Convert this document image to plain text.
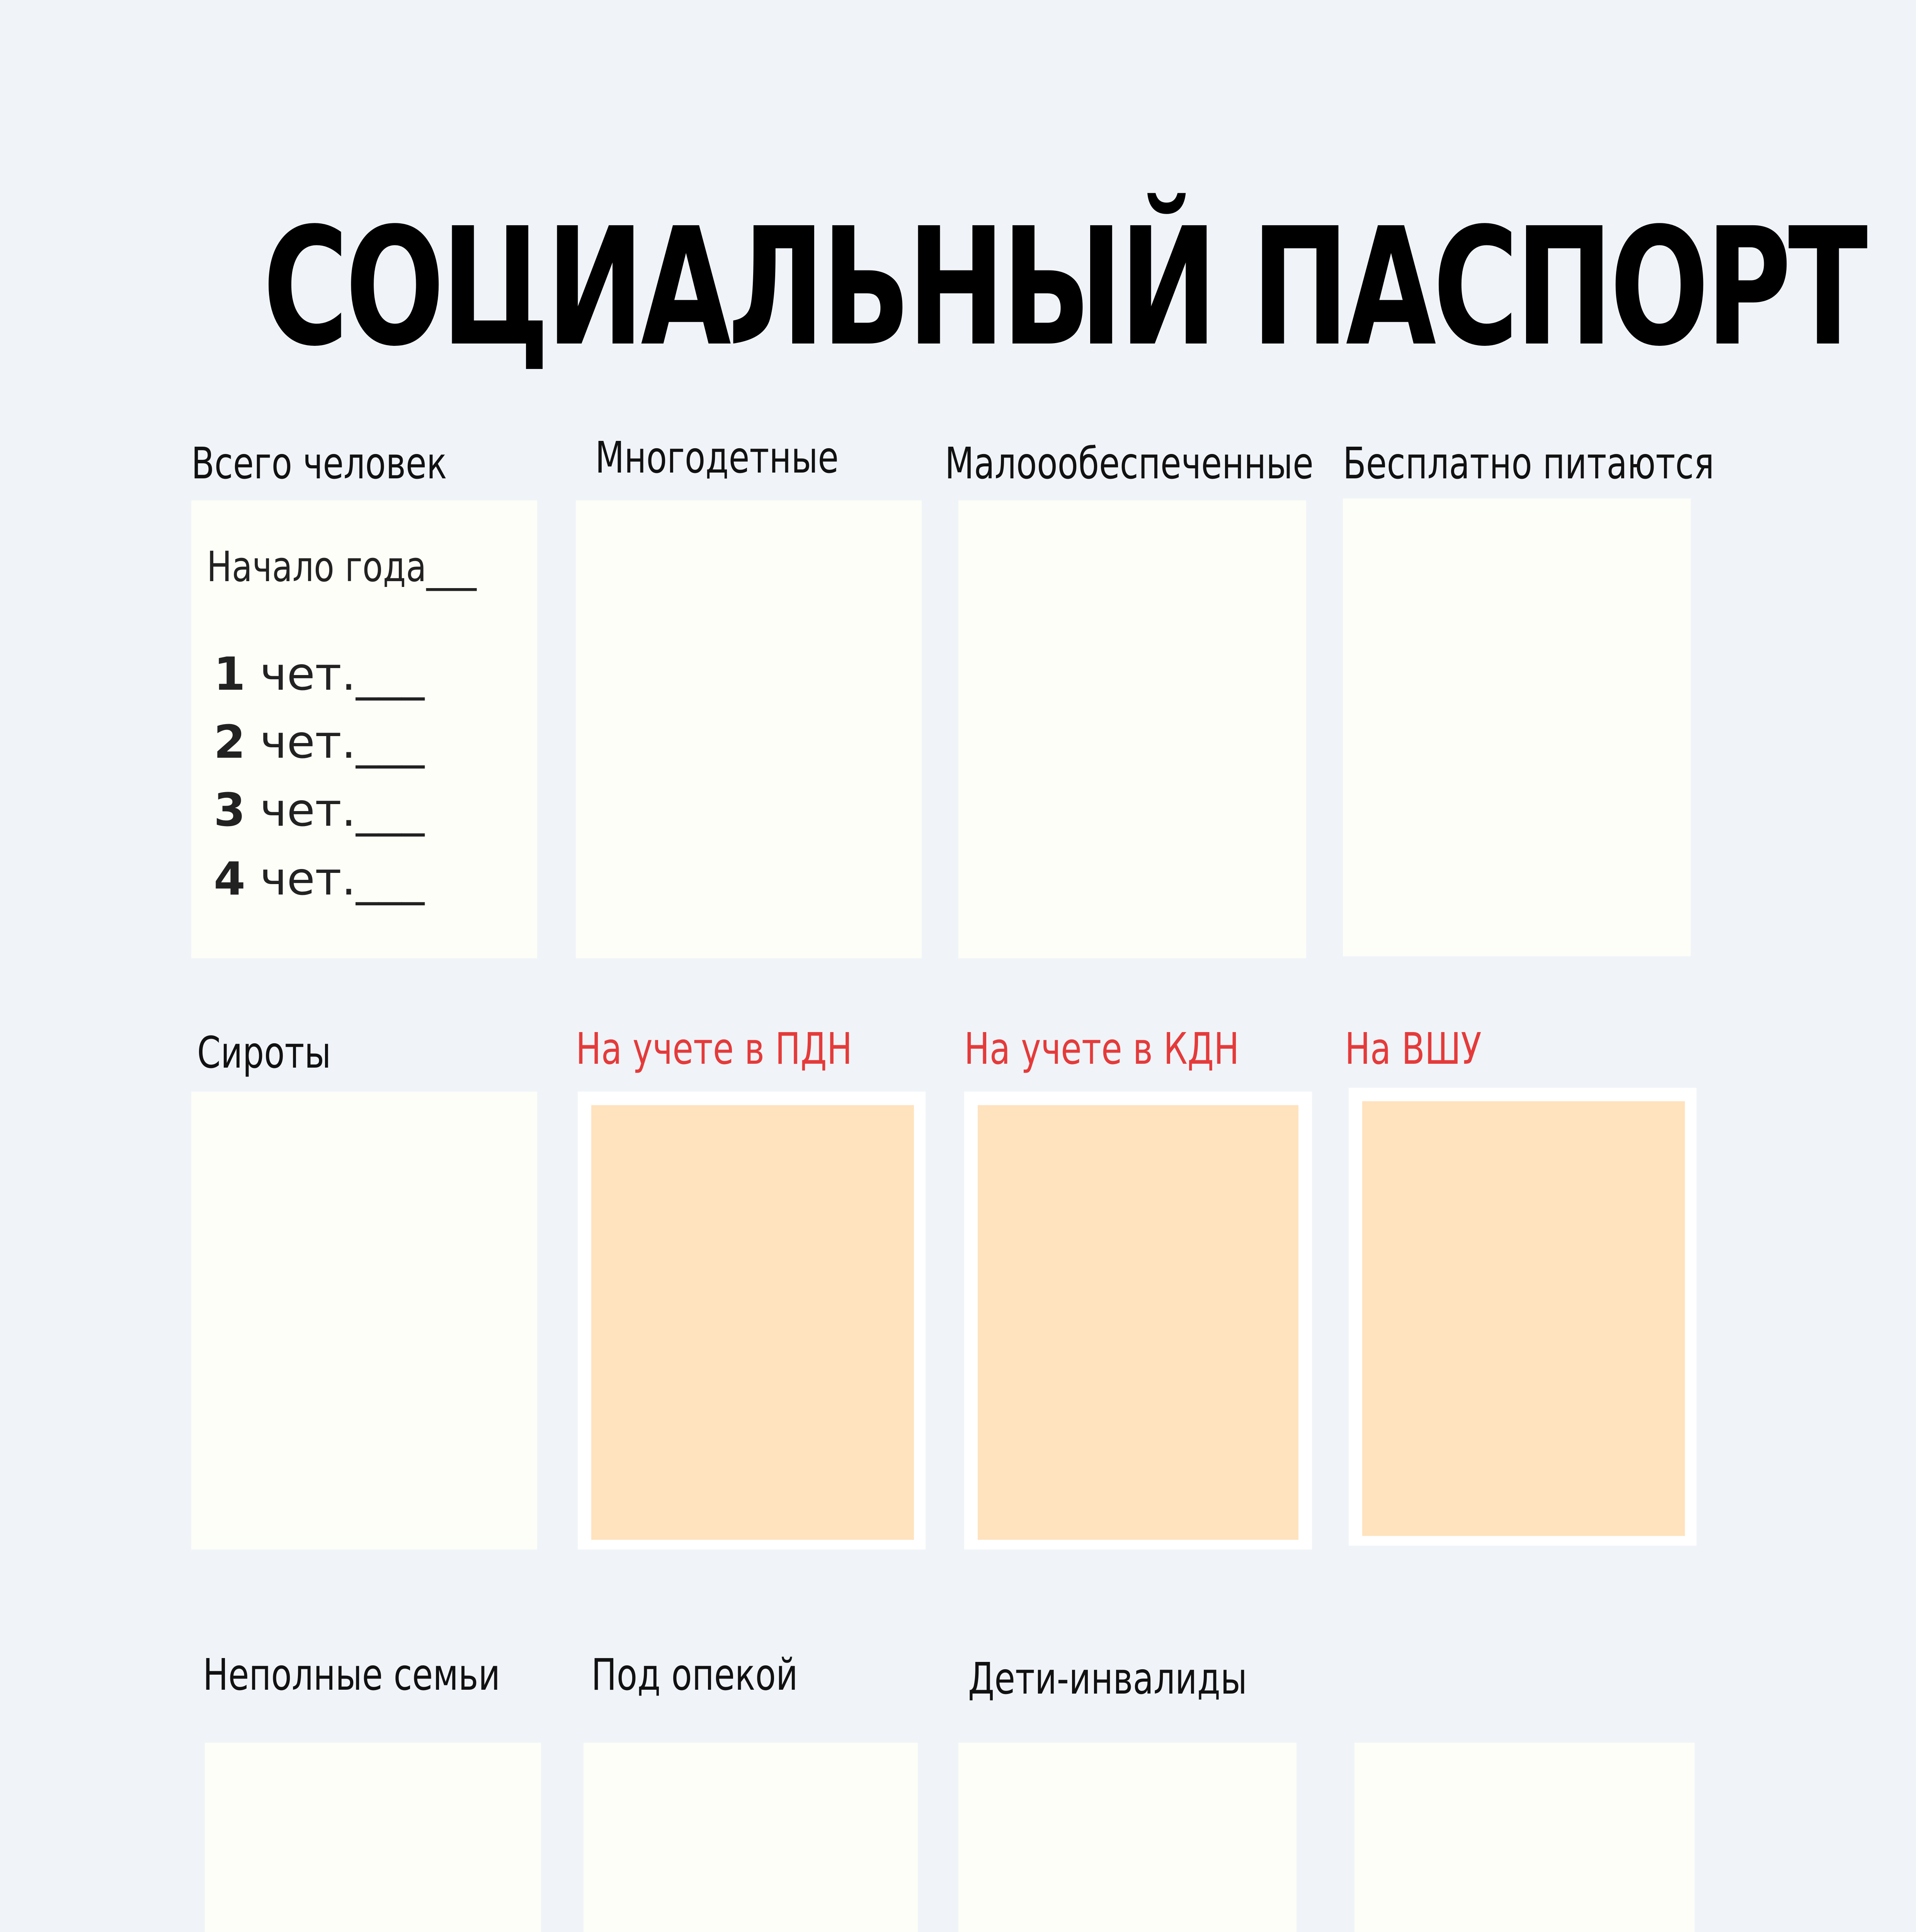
СОЦИАЛЬНЫЙ ПАСПОРТ
Всего человек	Многодетные Малоообеспеченные Бесплатно питаются
Начало года___
1 чет.___
2 чет.___
3 чет.___
4 чет.___
Сироты	На учете в ПДН	На учете в КДН На ВШУ
Неполные семьи Под опекой	Дети-инвалиды
